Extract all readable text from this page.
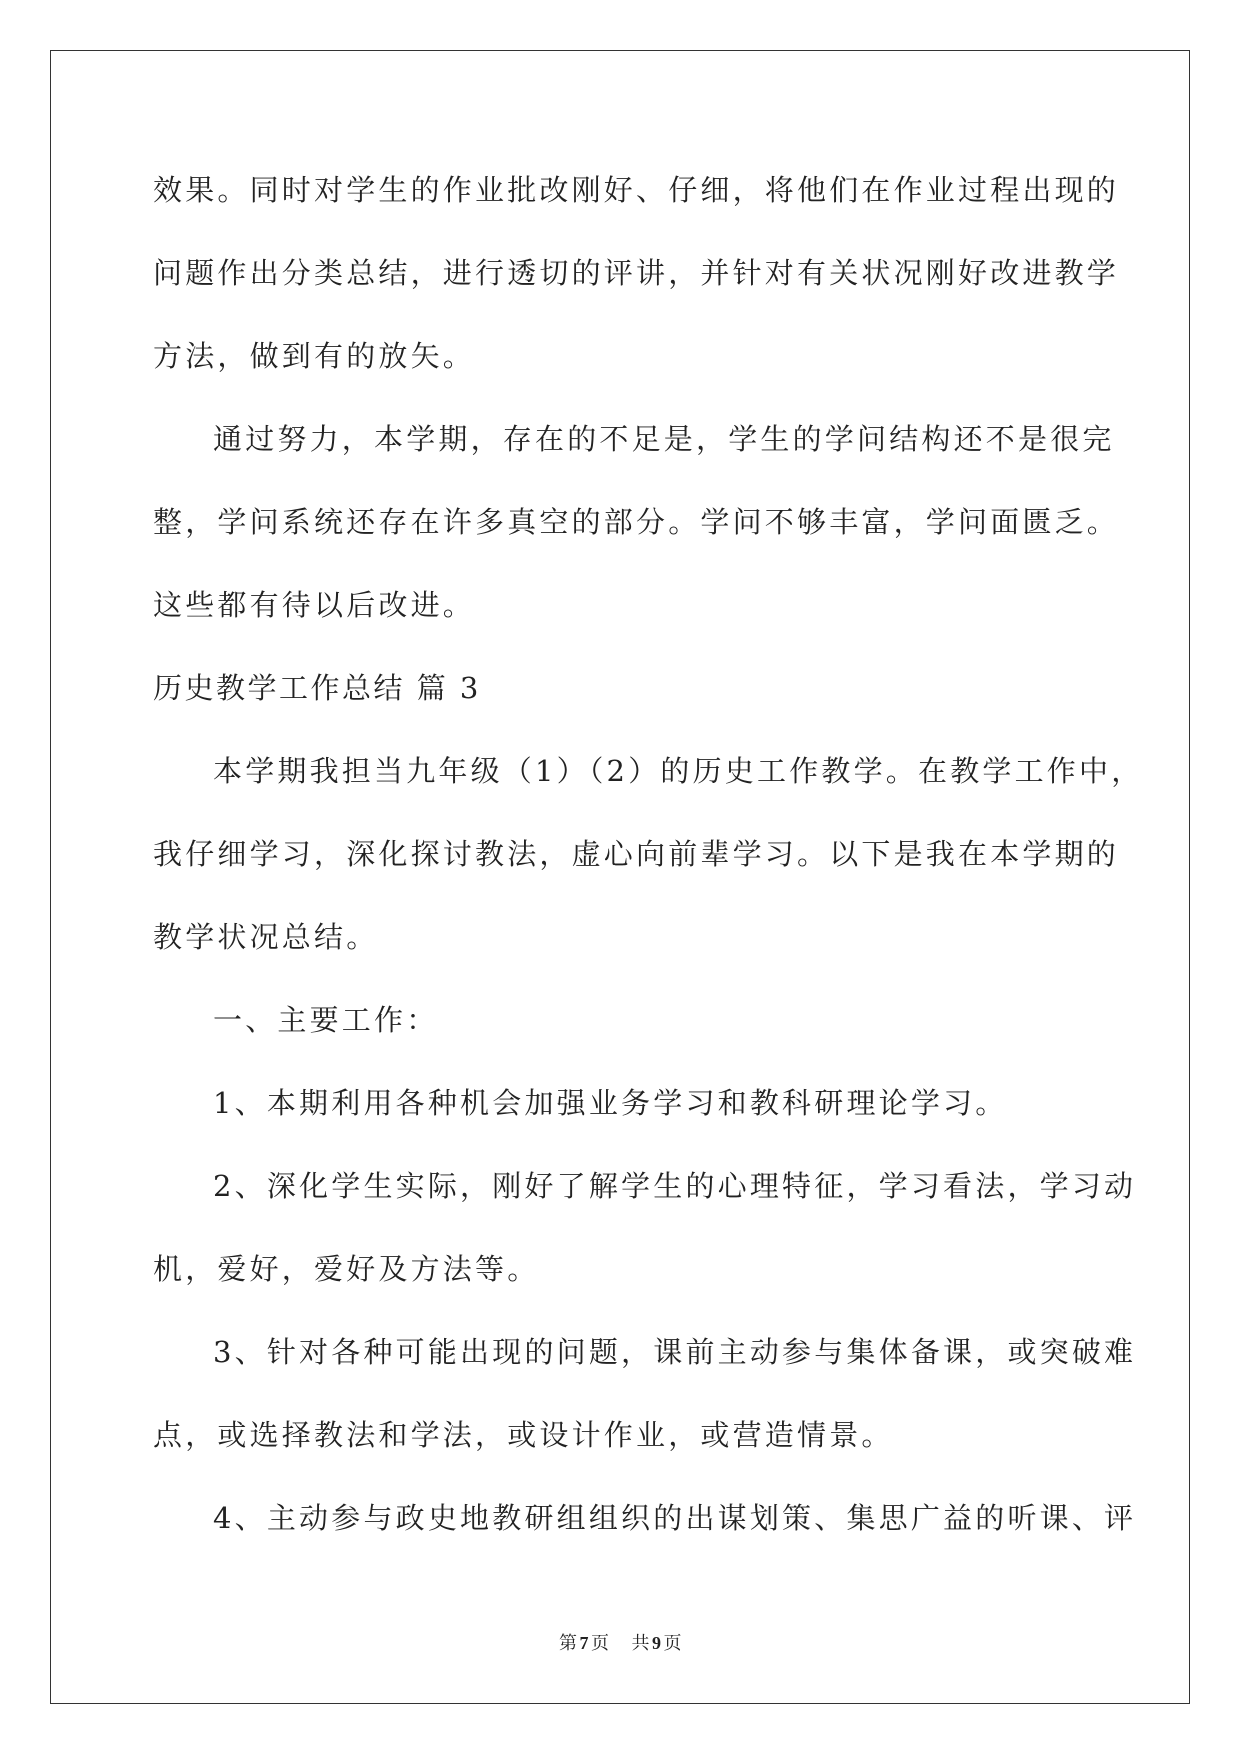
效果。同时对学生的作业批改刚好、仔细，将他们在作业过程出现的
问题作出分类总结，进行透切的评讲，并针对有关状况刚好改进教学
方法，做到有的放矢。
通过努力，本学期，存在的不足是，学生的学问结构还不是很完
整，学问系统还存在许多真空的部分。学问不够丰富，学问面匮乏。
这些都有待以后改进。
历史教学工作总结 篇 3
本学期我担当九年级（1）（2）的历史工作教学。在教学工作中，
我仔细学习，深化探讨教法，虚心向前辈学习。以下是我在本学期的
教学状况总结。
一、主要工作：
1、本期利用各种机会加强业务学习和教科研理论学习。
2、深化学生实际，刚好了解学生的心理特征，学习看法，学习动
机，爱好，爱好及方法等。
3、针对各种可能出现的问题，课前主动参与集体备课，或突破难
点，或选择教法和学法，或设计作业，或营造情景。
4、主动参与政史地教研组组织的出谋划策、集思广益的听课、评
第 7 页 共 9 页
